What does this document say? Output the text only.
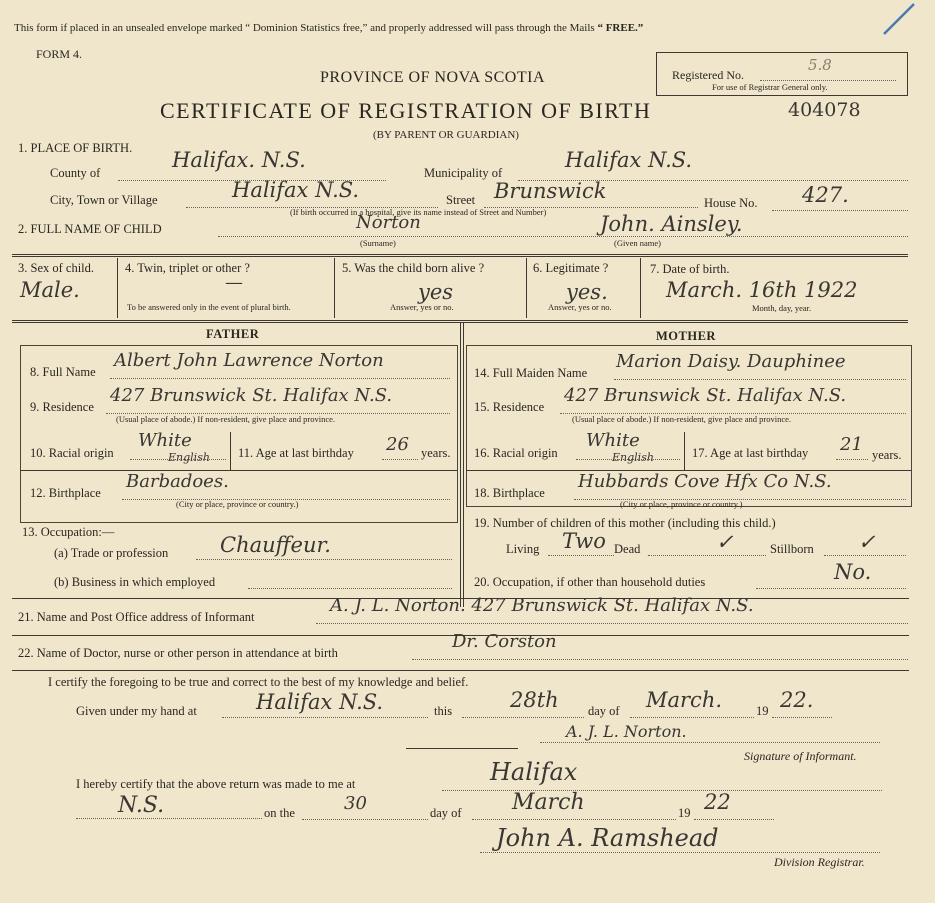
This form if placed in an unsealed envelope marked “ Dominion Statistics free,” and properly addressed will pass through the Mails “ FREE.”
FORM 4.
PROVINCE OF NOVA SCOTIA
CERTIFICATE OF REGISTRATION OF BIRTH
(BY PARENT OR GUARDIAN)
Registered No.
5.8
For use of Registrar General only.
404078
1. PLACE OF BIRTH.
County of
Halifax. N.S.
Municipality of
Halifax N.S.
City, Town or Village	Halifax N.S.	Street Brunswick	House No. 427.
(If birth occurred in a hospital, give its name instead of Street and Number)
2. FULL NAME OF CHILD	Norton	John. Ainsley.
(Surname)	(Given name)
3. Sex of child.
Male.
4. Twin, triplet or other ?
—
To be answered only in the event of plural birth.
5. Was the child born alive ?
yes
Answer, yes or no.
6. Legitimate ?
yes.
Answer, yes or no.
7. Date of birth.
March. 16th 1922
Month, day, year.
FATHER
8. Full Name
Albert John Lawrence Norton
9. Residence
427 Brunswick St. Halifax N.S.
(Usual place of abode.) If non-resident, give place and province.
10. Racial origin
White
English 11. Age at last birthday 26 years.
12. Birthplace
Barbadoes.
(City or place, province or country.)
13. Occupation:—
(a) Trade or profession Chauffeur.
(b) Business in which employed
MOTHER
14. Full Maiden Name
Marion Daisy. Dauphinee
15. Residence
427 Brunswick St. Halifax N.S.
(Usual place of abode.) If non-resident, give place and province.
16. Racial origin
White
English	17. Age at last birthday 21 years.
18. Birthplace
Hubbards Cove Hfx Co N.S.
(City or place, province or country.)
19. Number of children of this mother (including this child.)
Living Two Dead	✓	Stillborn ✓
20. Occupation, if other than household duties	No.
21. Name and Post Office address of Informant
A. J. L. Norton. 427 Brunswick St. Halifax N.S.
22. Name of Doctor, nurse or other person in attendance at birth
Dr. Corston
I certify the foregoing to be true and correct to the best of my knowledge and belief.
Given under my hand at	Halifax N.S.	this	28th day of March.	19 22.
A. J. L. Norton.
Signature of Informant.
I hereby certify that the above return was made to me at	Halifax
N.S.	on the	30	day of March	19 22
John A. Ramshead
Division Registrar.
